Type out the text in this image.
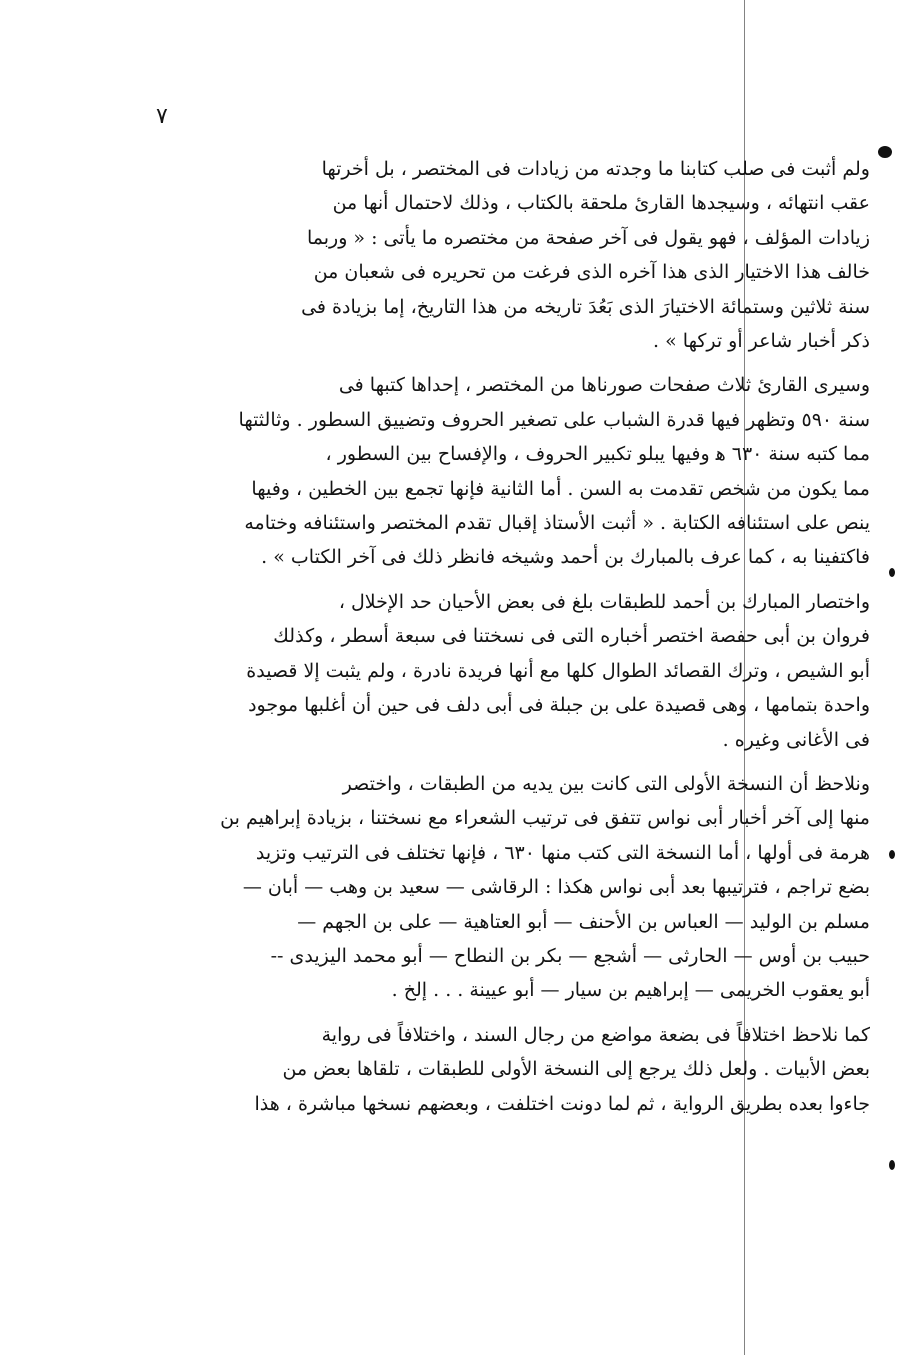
٧
ولم أثبت فى صلب كتابنا ما وجدته من زيادات فى المختصر ، بل أخرتها
عقب انتهائه ، وسيجدها القارئ ملحقة بالكتاب ، وذلك لاحتمال أنها من
زيادات المؤلف ، فهو يقول فى آخر صفحة من مختصره ما يأتى : « وربما
خالف هذا الاختيار الذى هذا آخره الذى فرغت من تحريره فى شعبان من
سنة ثلاثين وستمائة الاختيارَ الذى بَعُدَ تاريخه من هذا التاريخ، إما بزيادة فى
ذكر أخبار شاعر أو تركها » .
وسيرى القارئ ثلاث صفحات صورناها من المختصر ، إحداها كتبها فى
سنة ٥٩٠ وتظهر فيها قدرة الشباب على تصغير الحروف وتضييق السطور . وثالثتها
مما كتبه سنة ٦٣٠ ﻫ وفيها يبلو تكبير الحروف ، والإفساح بين السطور ،
مما يكون من شخص تقدمت به السن . أما الثانية فإنها تجمع بين الخطين ، وفيها
ينص على استئنافه الكتابة . « أثبت الأستاذ إقبال تقدم المختصر واستئنافه وختامه
فاكتفينا به ، كما عرف بالمبارك بن أحمد وشيخه فانظر ذلك فى آخر الكتاب » .
واختصار المبارك بن أحمد للطبقات بلغ فى بعض الأحيان حد الإخلال ،
فروان بن أبى حفصة اختصر أخباره التى فى نسختنا فى سبعة أسطر ، وكذلك
أبو الشيص ، وترك القصائد الطوال كلها مع أنها فريدة نادرة ، ولم يثبت إلا قصيدة
واحدة بتمامها ، وهى قصيدة على بن جبلة فى أبى دلف فى حين أن أغلبها موجود
فى الأغانى وغيره .
ونلاحظ أن النسخة الأولى التى كانت بين يديه من الطبقات ، واختصر
منها إلى آخر أخبار أبى نواس تتفق فى ترتيب الشعراء مع نسختنا ، بزيادة إبراهيم بن
هرمة فى أولها ، أما النسخة التى كتب منها ٦٣٠ ، فإنها تختلف فى الترتيب وتزيد
بضع تراجم ، فترتيبها بعد أبى نواس هكذا : الرقاشى — سعيد بن وهب — أبان —
مسلم بن الوليد — العباس بن الأحنف — أبو العتاهية — على بن الجهم —
حبيب بن أوس — الحارثى — أشجع — بكر بن النطاح — أبو محمد اليزيدى --
أبو يعقوب الخريمى — إبراهيم بن سيار — أبو عيينة . . . إلخ .
كما نلاحظ اختلافاً فى بضعة مواضع من رجال السند ، واختلافاً فى رواية
بعض الأبيات . ولعل ذلك يرجع إلى النسخة الأولى للطبقات ، تلقاها بعض من
جاءوا بعده بطريق الرواية ، ثم لما دونت اختلفت ، وبعضهم نسخها مباشرة ، هذا
